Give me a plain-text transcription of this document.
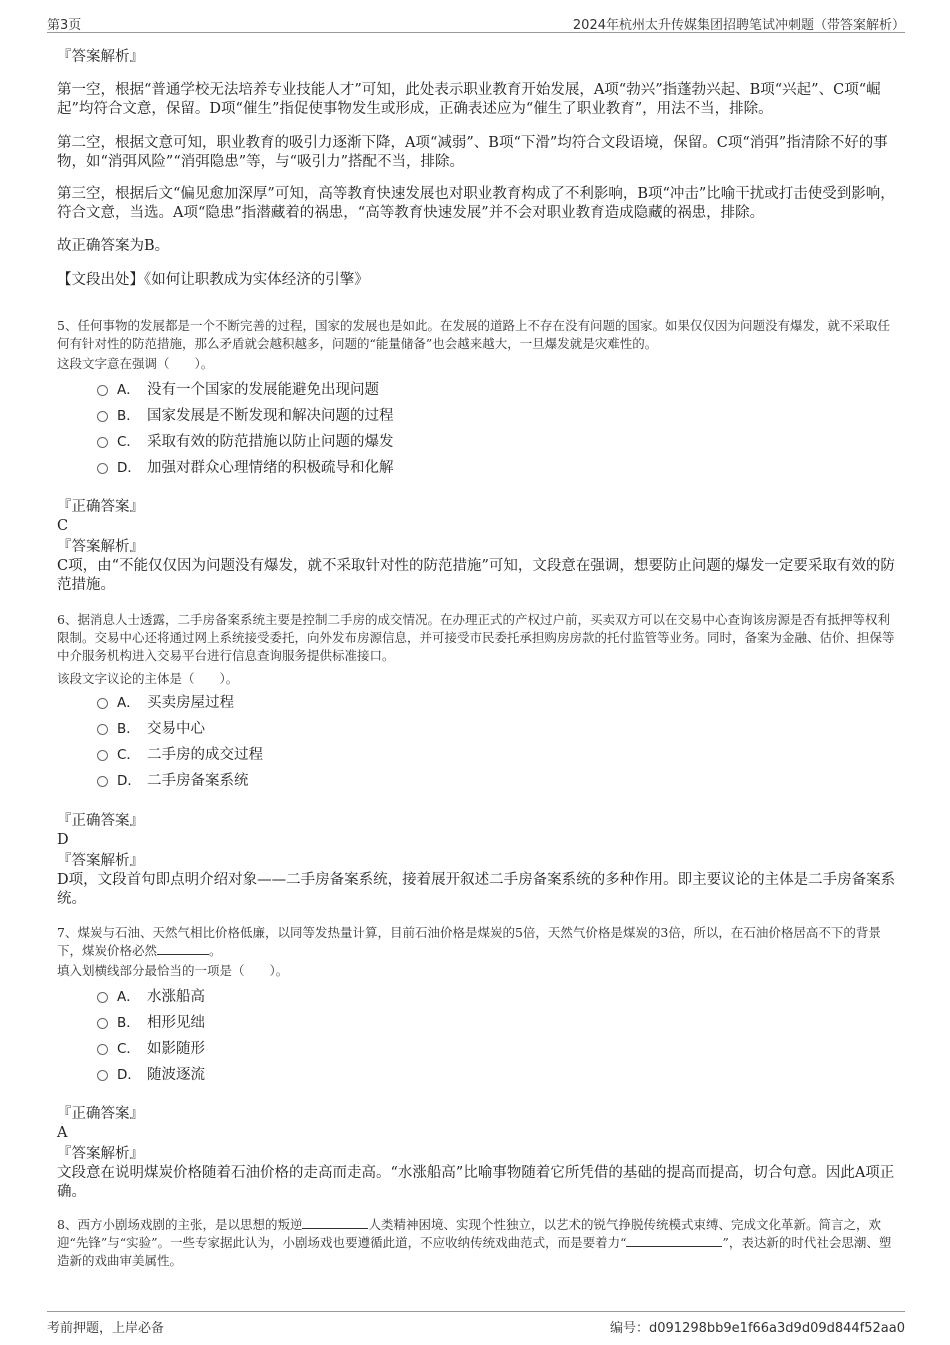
第3页	2024年杭州太升传媒集团招聘笔试冲刺题（带答案解析）
『答案解析』
第一空，根据“普通学校无法培养专业技能人才”可知，此处表示职业教育开始发展，A项“勃兴”指蓬勃兴起、B项“兴起”、C项“崛起”均符合文意，保留。D项“催生”指促使事物发生或形成，正确表述应为“催生了职业教育”，用法不当，排除。
第二空，根据文意可知，职业教育的吸引力逐渐下降，A项“减弱”、B项“下滑”均符合文段语境，保留。C项“消弭”指清除不好的事物，如“消弭风险”“消弭隐患”等，与“吸引力”搭配不当，排除。
第三空，根据后文“偏见愈加深厚”可知，高等教育快速发展也对职业教育构成了不利影响，B项“冲击”比喻干扰或打击使受到影响，符合文意，当选。A项“隐患”指潜藏着的祸患，“高等教育快速发展”并不会对职业教育造成隐藏的祸患，排除。
故正确答案为B。
【文段出处】《如何让职教成为实体经济的引擎》
5、任何事物的发展都是一个不断完善的过程，国家的发展也是如此。在发展的道路上不存在没有问题的国家。如果仅仅因为问题没有爆发，就不采取任何有针对性的防范措施，那么矛盾就会越积越多，问题的“能量储备”也会越来越大，一旦爆发就是灾难性的。
这段文字意在强调（　　）。
A． 没有一个国家的发展能避免出现问题
B． 国家发展是不断发现和解决问题的过程
C． 采取有效的防范措施以防止问题的爆发
D． 加强对群众心理情绪的积极疏导和化解
『正确答案』
C
『答案解析』
C项，由“不能仅仅因为问题没有爆发，就不采取针对性的防范措施”可知，文段意在强调，想要防止问题的爆发一定要采取有效的防范措施。
6、据消息人士透露，二手房备案系统主要是控制二手房的成交情况。在办理正式的产权过户前，买卖双方可以在交易中心查询该房源是否有抵押等权利限制。交易中心还将通过网上系统接受委托，向外发布房源信息，并可接受市民委托承担购房房款的托付监管等业务。同时，备案为金融、估价、担保等中介服务机构进入交易平台进行信息查询服务提供标准接口。
该段文字议论的主体是（　　）。
A． 买卖房屋过程
B． 交易中心
C． 二手房的成交过程
D． 二手房备案系统
『正确答案』
D
『答案解析』
D项，文段首句即点明介绍对象——二手房备案系统，接着展开叙述二手房备案系统的多种作用。即主要议论的主体是二手房备案系统。
7、煤炭与石油、天然气相比价格低廉，以同等发热量计算，目前石油价格是煤炭的5倍，天然气价格是煤炭的3倍，所以，在石油价格居高不下的背景下，煤炭价格必然	。
填入划横线部分最恰当的一项是（　　）。
A． 水涨船高
B． 相形见绌
C． 如影随形
D． 随波逐流
『正确答案』
A
『答案解析』
文段意在说明煤炭价格随着石油价格的走高而走高。“水涨船高”比喻事物随着它所凭借的基础的提高而提高，切合句意。因此A项正确。
8、西方小剧场戏剧的主张，是以思想的叛逆	人类精神困境、实现个性独立，以艺术的锐气挣脱传统模式束缚、完成文化革新。简言之，欢迎“先锋”与“实验”。一些专家据此认为，小剧场戏也要遵循此道，不应收纳传统戏曲范式，而是要着力“	”，表达新的时代社会思潮、塑造新的戏曲审美属性。
考前押题，上岸必备	编号：d091298bb9e1f66a3d9d09d844f52aa0
